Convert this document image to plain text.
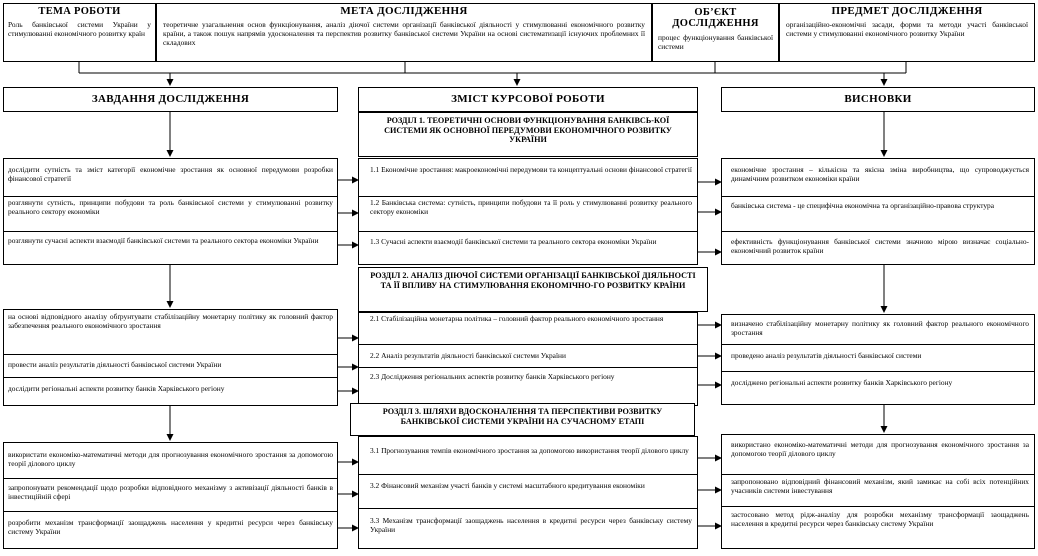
ТЕМА РОБОТИ
Роль банківської системи України у стимулюванні економічного розвитку країн
МЕТА ДОСЛІДЖЕННЯ
теоретичне узагальнення основ функціонування, аналіз діючої системи організації банківської діяльності у стимулюванні економічного розвитку країни, а також пошук напрямів удосконалення та перспектив розвитку банківської системи України на основі систематизації існуючих проблемних її складових
ОБ’ЄКТ ДОСЛІДЖЕННЯ
процес функціонування банківської системи
ПРЕДМЕТ ДОСЛІДЖЕННЯ
організаційно-економічні засади, форми та методи участі банківської системи у стимулюванні економічного розвитку України
ЗАВДАННЯ ДОСЛІДЖЕННЯ	ЗМІСТ КУРСОВОЇ РОБОТИ	ВИСНОВКИ
РОЗДІЛ 1. ТЕОРЕТИЧНІ ОСНОВИ ФУНКЦІОНУВАННЯ БАНКІВСЬ-КОЇ СИСТЕМИ ЯК ОСНОВНОЇ ПЕРЕДУМОВИ ЕКОНОМІЧНОГО РОЗВИТКУ УКРАЇНИ
дослідити сутність та зміст категорії економічне зростання як основної передумови розробки фінансової стратегії
розглянути сутність, принципи побудови та роль банківської системи у стимулюванні розвитку реального сектору економіки
розглянути сучасні аспекти взаємодії банківської системи та реального сектора економіки України
1.1 Економічне зростання: макроекономічні передумови та концептуальні основи фінансової стратегії
1.2 Банківська система: сутність, принципи побудови та її роль у стимулюванні розвитку реального сектору економіки
1.3 Сучасні аспекти взаємодії банківської системи та реального сектора економіки України
економічне зростання – кількісна та якісна зміна виробництва, що супроводжується динамічним розвитком економіки країни
банківська система - це специфічна економічна та організаційно-правова структура
ефективність функціонування банківської системи значною мірою визначає соціально-економічний розвиток країни
РОЗДІЛ 2. АНАЛІЗ ДІЮЧОЇ СИСТЕМИ ОРГАНІЗАЦІЇ БАНКІВСЬКОЇ ДІЯЛЬНОСТІ ТА ЇЇ ВПЛИВУ НА СТИМУЛЮВАННЯ ЕКОНОМІЧНО-ГО РОЗВИТКУ КРАЇНИ
на основі відповідного аналізу обґрунтувати стабілізаційну монетарну політику як головний фактор забезпечення реального економічного зростання
провести аналіз результатів діяльності банківської системи України
дослідити регіональні аспекти розвитку банків Харківського регіону
2.1 Стабілізаційна монетарна політика – головний фактор реального економічного зростання
2.2 Аналіз результатів діяльності банківської системи України
2.3 Дослідження регіональних аспектів розвитку банків Харківського регіону
визначено стабілізаційну монетарну політику як головний фактор реального економічного зростання
проведено аналіз результатів діяльності банківської системи
досліджено регіональні аспекти розвитку банків Харківського регіону
РОЗДІЛ 3. ШЛЯХИ ВДОСКОНАЛЕННЯ ТА ПЕРСПЕКТИВИ РОЗВИТКУ БАНКІВСЬКОЇ СИСТЕМИ УКРАЇНИ НА СУЧАСНОМУ ЕТАПІ
використати економіко-математичні методи для прогнозування економічного зростання за допомогою теорії ділового циклу
запропонувати рекомендації щодо розробки відповідного механізму з активізації діяльності банків в інвестиційній сфері
розробити механізм трансформації заощаджень населення у кредитні ресурси через банківську систему України
3.1 Прогнозування темпів економічного зростання за допомогою використання теорії ділового циклу
3.2 Фінансовий механізм участі банків у системі масштабного кредитування економіки
3.3 Механізм трансформації заощаджень населення в кредитні ресурси через банківську систему України
використано економіко-математичні методи для прогнозування економічного зростання за допомогою теорії ділового циклу
запропоновано відповідний фінансовий механізм, який замикає на собі всіх потенційних учасників системи інвестування
застосовано метод рідж-аналізу для розробки механізму трансформації заощаджень населення в кредитні ресурси через банківську систему України
